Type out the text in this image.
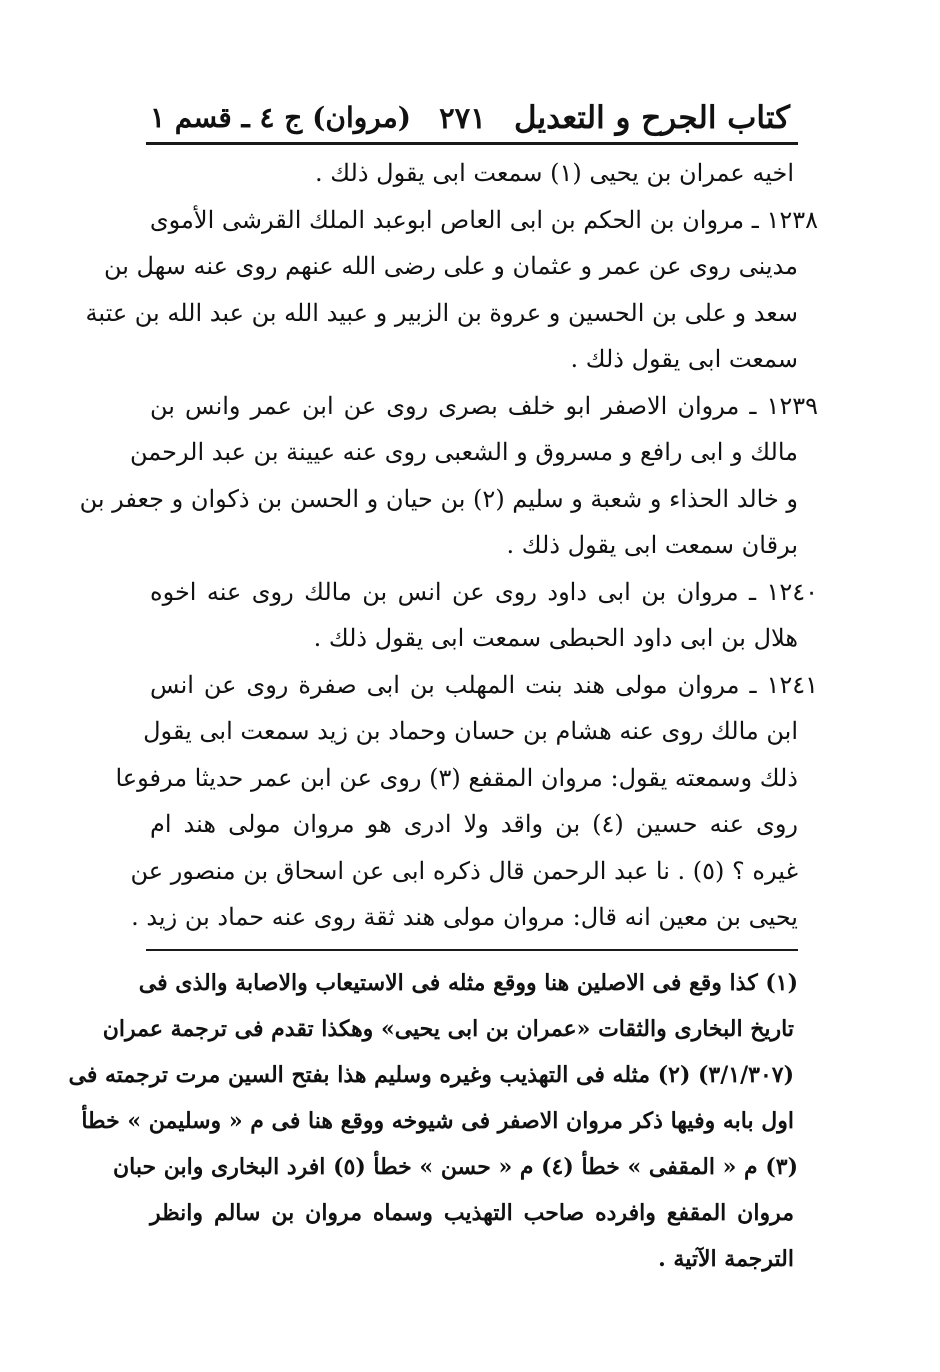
كتاب الجرح و التعديل
٢٧١
(مروان) ج ٤ ـ قسم ١
اخيه عمران بن يحيى (١) سمعت ابى يقول ذلك .
١٢٣٨ ـ مروان بن الحكم بن ابى العاص ابوعبد الملك القرشى الأموى
مدينى روى عن عمر و عثمان و على رضى الله عنهم روى عنه سهل بن
سعد و على بن الحسين و عروة بن الزبير و عبيد الله بن عبد الله بن عتبة
سمعت ابى يقول ذلك .
١٢٣٩ ـ مروان الاصفر ابو خلف بصرى روى عن ابن عمر وانس بن
مالك و ابى رافع و مسروق و الشعبى روى عنه عيينة بن عبد الرحمن
و خالد الحذاء و شعبة و سليم (٢) بن حيان و الحسن بن ذكوان و جعفر بن
برقان سمعت ابى يقول ذلك .
١٢٤٠ ـ مروان بن ابى داود روى عن انس بن مالك روى عنه اخوه
هلال بن ابى داود الحبطى سمعت ابى يقول ذلك .
١٢٤١ ـ مروان مولى هند بنت المهلب بن ابى صفرة روى عن انس
ابن مالك روى عنه هشام بن حسان وحماد بن زيد سمعت ابى يقول
ذلك وسمعته يقول: مروان المقفع (٣) روى عن ابن عمر حديثا مرفوعا
روى عنه حسين (٤) بن واقد ولا ادرى هو مروان مولى هند ام
غيره ؟ (٥) . نا عبد الرحمن قال ذكره ابى عن اسحاق بن منصور عن
يحيى بن معين انه قال: مروان مولى هند ثقة روى عنه حماد بن زيد .
(١) كذا وقع فى الاصلين هنا ووقع مثله فى الاستيعاب والاصابة والذى فى
تاريخ البخارى والثقات «عمران بن ابى يحيى» وهكذا تقدم فى ترجمة عمران
(٣/١/٣٠٧) (٢) مثله فى التهذيب وغيره وسليم هذا بفتح السين مرت ترجمته فى
اول بابه وفيها ذكر مروان الاصفر فى شيوخه ووقع هنا فى م « وسليمن » خطأ
(٣) م « المقفى » خطأ (٤) م « حسن » خطأ (٥) افرد البخارى وابن حبان
مروان المقفع وافرده صاحب التهذيب وسماه مروان بن سالم وانظر
الترجمة الآتية .
